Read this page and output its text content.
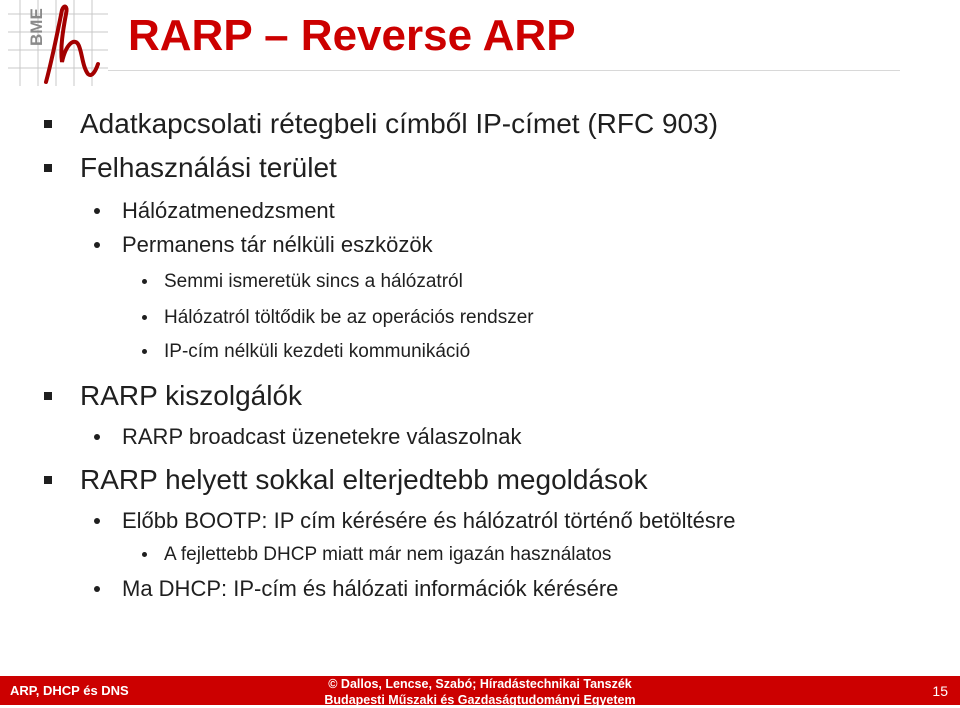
BME RARP – Reverse ARP
Adatkapcsolati rétegbeli címből IP-címet (RFC 903)
Felhasználási terület
Hálózatmenedzsment
Permanens tár nélküli eszközök
Semmi ismeretük sincs a hálózatról
Hálózatról töltődik be az operációs rendszer
IP-cím nélküli kezdeti kommunikáció
RARP kiszolgálók
RARP broadcast üzenetekre válaszolnak
RARP helyett sokkal elterjedtebb megoldások
Előbb BOOTP: IP cím kérésére és hálózatról történő betöltésre
A fejlettebb DHCP miatt már nem igazán használatos
Ma DHCP: IP-cím és hálózati információk kérésére
ARP, DHCP és DNS	© Dallos, Lencse, Szabó; Híradástechnikai Tanszék
Budapesti Műszaki és Gazdaságtudományi Egyetem
15
